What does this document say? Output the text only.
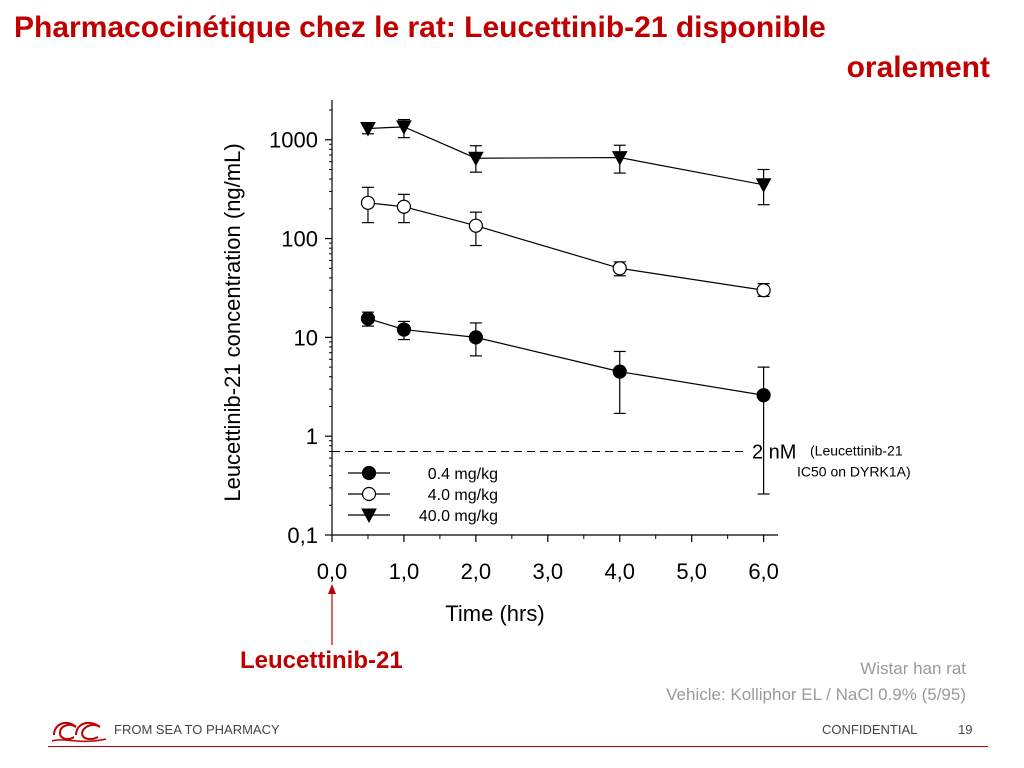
Pharmacocinétique chez le rat: Leucettinib-21 disponible
oralement
0,1
1
10
100
1000
0,0 1,0 2,0 3,0 4,0 5,0 6,0
Time (hrs)
Leucettinib-21 concentration (ng/mL)	2 nM (Leucettinib-21
IC50 on DYRK1A)
0.4 mg/kg
4.0 mg/kg
40.0 mg/kg
Leucettinib-21	Wistar han rat
Vehicle: Kolliphor EL / NaCl 0.9% (5/95)
FROM SEA TO PHARMACY	CONFIDENTIAL	19
